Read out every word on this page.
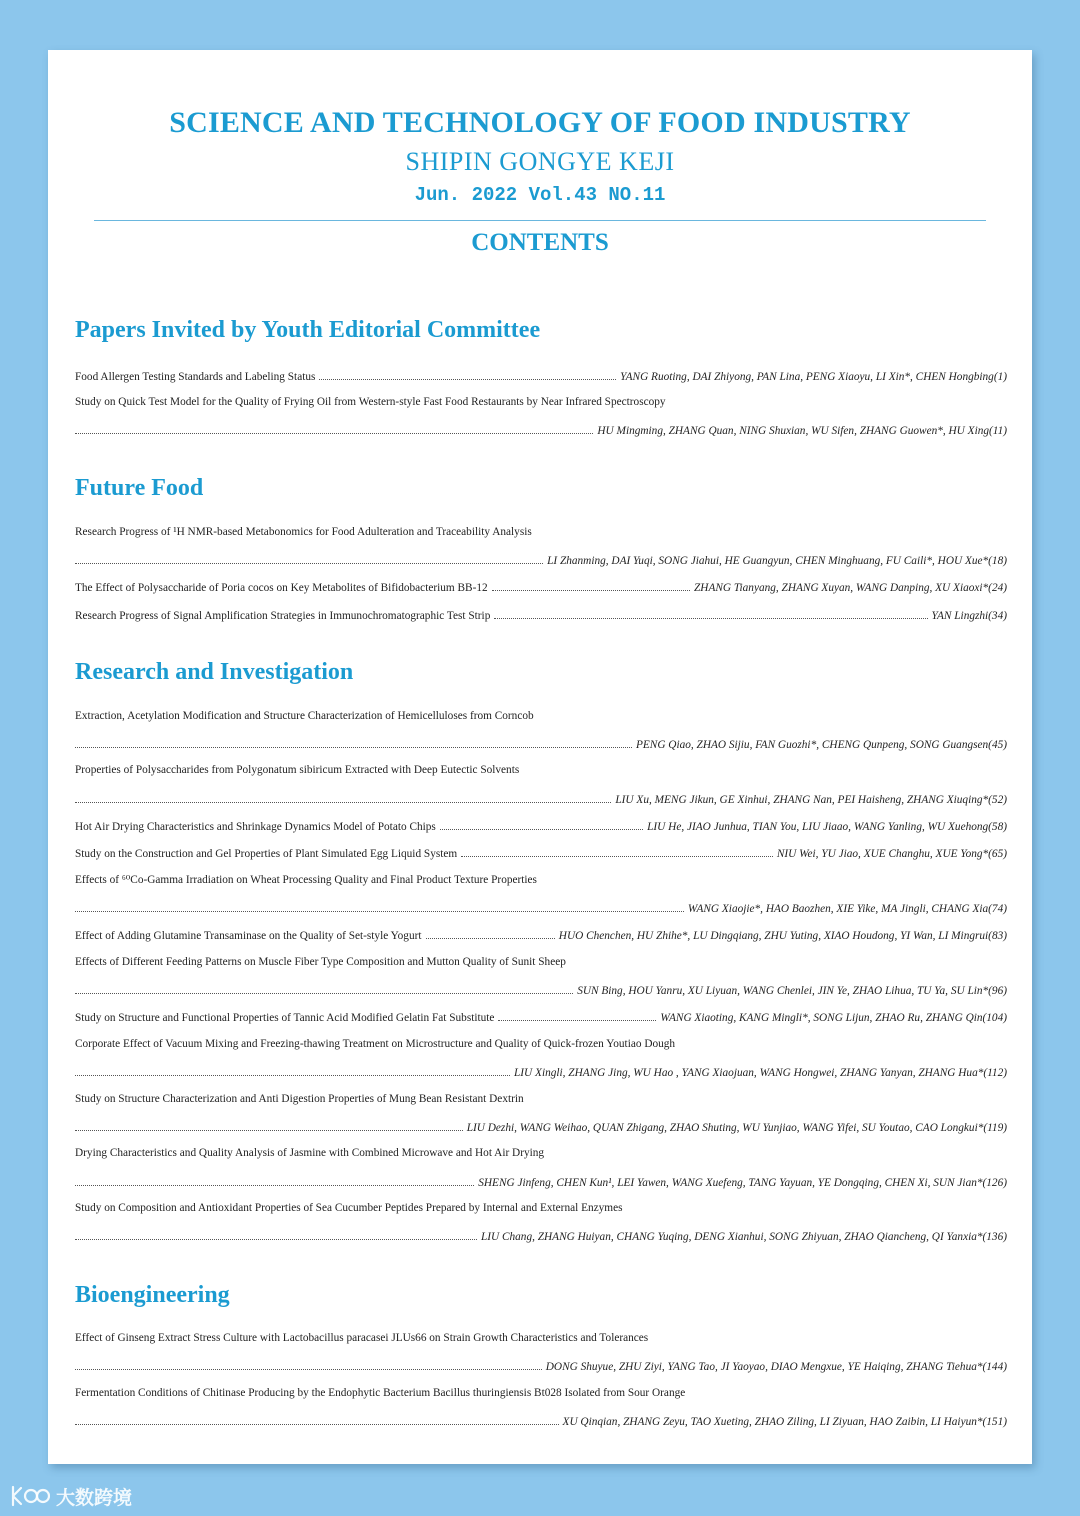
SCIENCE AND TECHNOLOGY OF FOOD INDUSTRY
SHIPIN GONGYE KEJI
Jun. 2022 Vol.43 NO.11
CONTENTS
Papers Invited by Youth Editorial Committee
Food Allergen Testing Standards and Labeling Status	YANG Ruoting, DAI Zhiyong, PAN Lina, PENG Xiaoyu, LI Xin*, CHEN Hongbing(1)
Study on Quick Test Model for the Quality of Frying Oil from Western-style Fast Food Restaurants by Near Infrared Spectroscopy
HU Mingming, ZHANG Quan, NING Shuxian, WU Sifen, ZHANG Guowen*, HU Xing(11)
Future Food
Research Progress of ¹H NMR-based Metabonomics for Food Adulteration and Traceability Analysis
LI Zhanming, DAI Yuqi, SONG Jiahui, HE Guangyun, CHEN Minghuang, FU Caili*, HOU Xue*(18)
The Effect of Polysaccharide of Poria cocos on Key Metabolites of Bifidobacterium BB-12	ZHANG Tianyang, ZHANG Xuyan, WANG Danping, XU Xiaoxi*(24)
Research Progress of Signal Amplification Strategies in Immunochromatographic Test Strip	YAN Lingzhi(34)
Research and Investigation
Extraction, Acetylation Modification and Structure Characterization of Hemicelluloses from Corncob
PENG Qiao, ZHAO Sijiu, FAN Guozhi*, CHENG Qunpeng, SONG Guangsen(45)
Properties of Polysaccharides from Polygonatum sibiricum Extracted with Deep Eutectic Solvents
LIU Xu, MENG Jikun, GE Xinhui, ZHANG Nan, PEI Haisheng, ZHANG Xiuqing*(52)
Hot Air Drying Characteristics and Shrinkage Dynamics Model of Potato Chips	LIU He, JIAO Junhua, TIAN You, LIU Jiaao, WANG Yanling, WU Xuehong(58)
Study on the Construction and Gel Properties of Plant Simulated Egg Liquid System	NIU Wei, YU Jiao, XUE Changhu, XUE Yong*(65)
Effects of ⁶⁰Co-Gamma Irradiation on Wheat Processing Quality and Final Product Texture Properties
WANG Xiaojie*, HAO Baozhen, XIE Yike, MA Jingli, CHANG Xia(74)
Effect of Adding Glutamine Transaminase on the Quality of Set-style Yogurt	HUO Chenchen, HU Zhihe*, LU Dingqiang, ZHU Yuting, XIAO Houdong, YI Wan, LI Mingrui(83)
Effects of Different Feeding Patterns on Muscle Fiber Type Composition and Mutton Quality of Sunit Sheep
SUN Bing, HOU Yanru, XU Liyuan, WANG Chenlei, JIN Ye, ZHAO Lihua, TU Ya, SU Lin*(96)
Study on Structure and Functional Properties of Tannic Acid Modified Gelatin Fat Substitute	WANG Xiaoting, KANG Mingli*, SONG Lijun, ZHAO Ru, ZHANG Qin(104)
Corporate Effect of Vacuum Mixing and Freezing-thawing Treatment on Microstructure and Quality of Quick-frozen Youtiao Dough
LIU Xingli, ZHANG Jing, WU Hao , YANG Xiaojuan, WANG Hongwei, ZHANG Yanyan, ZHANG Hua*(112)
Study on Structure Characterization and Anti Digestion Properties of Mung Bean Resistant Dextrin
LIU Dezhi, WANG Weihao, QUAN Zhigang, ZHAO Shuting, WU Yunjiao, WANG Yifei, SU Youtao, CAO Longkui*(119)
Drying Characteristics and Quality Analysis of Jasmine with Combined Microwave and Hot Air Drying
SHENG Jinfeng, CHEN Kun¹, LEI Yawen, WANG Xuefeng, TANG Yayuan, YE Dongqing, CHEN Xi, SUN Jian*(126)
Study on Composition and Antioxidant Properties of Sea Cucumber Peptides Prepared by Internal and External Enzymes
LIU Chang, ZHANG Huiyan, CHANG Yuqing, DENG Xianhui, SONG Zhiyuan, ZHAO Qiancheng, QI Yanxia*(136)
Bioengineering
Effect of Ginseng Extract Stress Culture with Lactobacillus paracasei JLUs66 on Strain Growth Characteristics and Tolerances
DONG Shuyue, ZHU Ziyi, YANG Tao, JI Yaoyao, DIAO Mengxue, YE Haiqing, ZHANG Tiehua*(144)
Fermentation Conditions of Chitinase Producing by the Endophytic Bacterium Bacillus thuringiensis Bt028 Isolated from Sour Orange
XU Qinqian, ZHANG Zeyu, TAO Xueting, ZHAO Ziling, LI Ziyuan, HAO Zaibin, LI Haiyun*(151)
大数跨境
